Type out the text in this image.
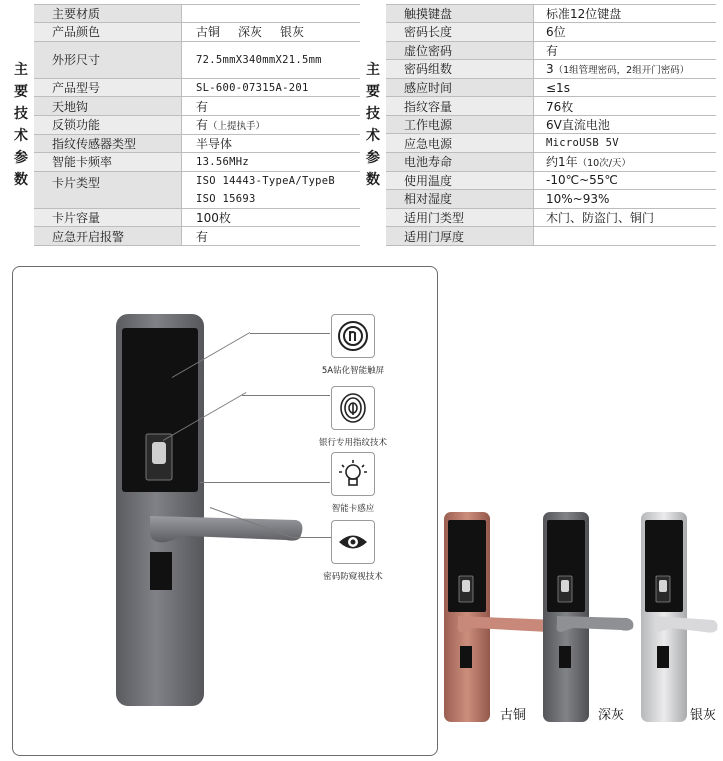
主
要
技
术
参
数
主要材质
产品颜色	古铜 深灰 银灰
外形尺寸	72.5mmX340mmX21.5mm
产品型号	SL-600-07315A-201
天地钩	有
反锁功能	有 （上提执手）
指纹传感器类型	半导体
智能卡频率	13.56MHz
卡片类型	ISO 14443-TypeA/TypeB
ISO 15693
卡片容量	100枚
应急开启报警	有
主
要
技
术
参
数
触摸键盘	标准12位键盘
密码长度	6位
虚位密码	有
密码组数	3 （1组管理密码，2组开门密码）
感应时间	≤1s
指纹容量	76枚
工作电源	6V直流电池
应急电源	MicroUSB 5V
电池寿命	约1年 （10次/天）
使用温度	-10℃~55℃
相对湿度	10%~93%
适用门类型	木门、防盗门、铜门
适用门厚度
5A钻化智能触屏
银行专用指纹技术
智能卡感应
密码防窥视技术
古铜	深灰	银灰
